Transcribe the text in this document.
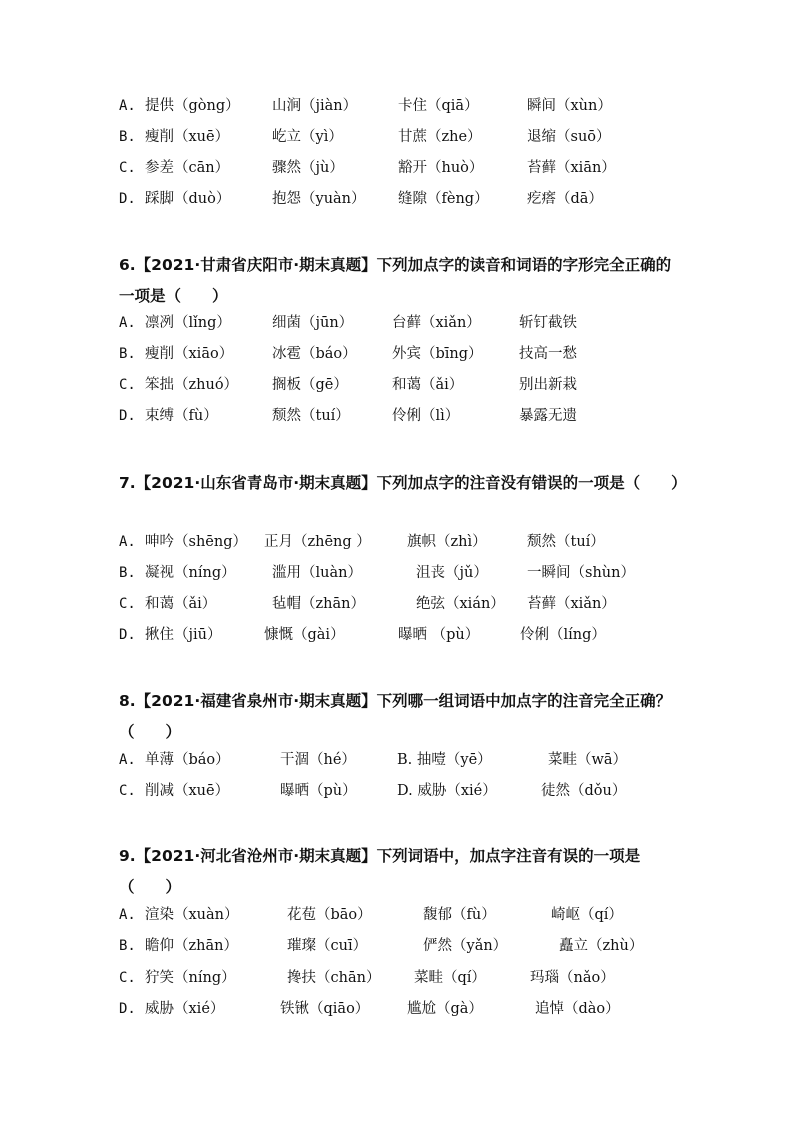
A. 提供（gòng） 山涧（jiàn）	卡住（qiā）	瞬间（xùn）
B. 瘦削（xuē）	屹立（yì）	甘蔗（zhe）	退缩（suō）
C. 参差（cān）	骤然（jù）	豁开（huò）	苔藓（xiān）
D. 踩脚（duò）	抱怨（yuàn） 缝隙（fèng）	疙瘩（dā）
6.【2021·甘肃省庆阳市·期末真题】下列加点字的读音和词语的字形完全正确的一项是（　　）
A. 凛冽（lǐng）	细菌（jūn）	台藓（xiǎn）	斩钉截铁
B. 瘦削（xiāo）	冰雹（báo） 外宾（bīng）	技高一愁
C. 笨拙（zhuó） 搁板（gē）	和蔼（ǎi）	别出新栽
D. 束缚（fù）	颓然（tuí）	伶俐（lì）	暴露无遗
7.【2021·山东省青岛市·期末真题】下列加点字的注音没有错误的一项是（　　）
A. 呻吟（shēng） 正月（zhēng ） 旗帜（zhì）	颓然（tuí）
B. 凝视（níng）	滥用（luàn）	沮丧（jǔ）	一瞬间（shùn）
C. 和蔼（ǎi）	毡帽（zhān）	绝弦（xián） 苔藓（xiǎn）
D. 揪住（jiū）	慷慨（gài）	曝晒 （pù）	伶俐（líng）
8.【2021·福建省泉州市·期末真题】下列哪一组词语中加点字的注音完全正确？（　　）
A. 单薄（báo）	干涸（hé）	B. 抽噎（yē）	菜畦（wā）
C. 削减（xuē）	曝晒（pù）	D. 威胁（xié）	徒然（dǒu）
9.【2021·河北省沧州市·期末真题】下列词语中，加点字注音有误的一项是（　　）
A. 渲染（xuàn）	花苞（bāo）	馥郁（fù）	崎岖（qí）
B. 瞻仰（zhān）	璀璨（cuī）	俨然（yǎn）	矗立（zhù）
C. 狞笑（níng）	搀扶（chān） 菜畦（qí）	玛瑙（nǎo）
D. 威胁（xié）	铁锹（qiāo）	尴尬（gà）	追悼（dào）
